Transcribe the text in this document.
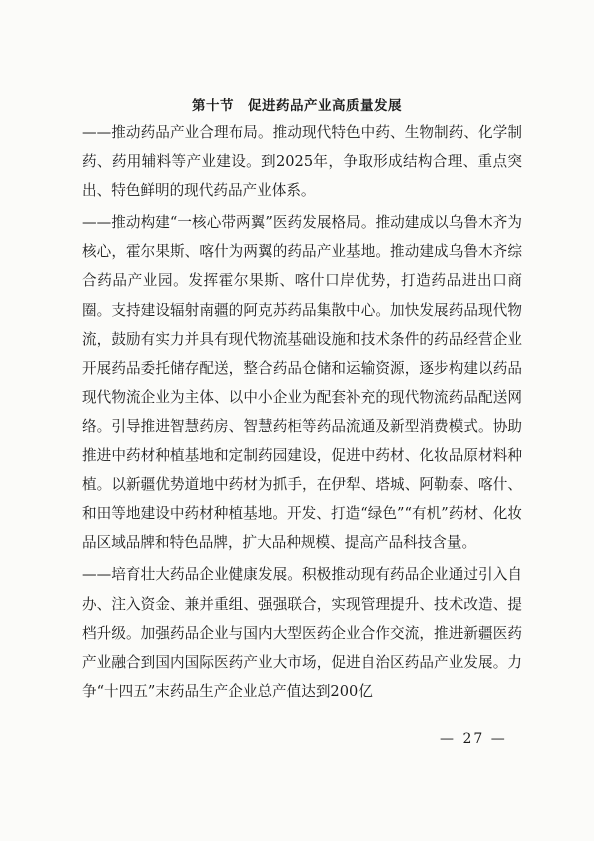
第十节 促进药品产业高质量发展

——推动药品产业合理布局。推动现代特色中药、生物制药、化学制药、药用辅料等产业建设。到2025年，争取形成结构合理、重点突出、特色鲜明的现代药品产业体系。

——推动构建“一核心带两翼”医药发展格局。推动建成以乌鲁木齐为核心，霍尔果斯、喀什为两翼的药品产业基地。推动建成乌鲁木齐综合药品产业园。发挥霍尔果斯、喀什口岸优势，打造药品进出口商圈。支持建设辐射南疆的阿克苏药品集散中心。加快发展药品现代物流，鼓励有实力并具有现代物流基础设施和技术条件的药品经营企业开展药品委托储存配送，整合药品仓储和运输资源，逐步构建以药品现代物流企业为主体、以中小企业为配套补充的现代物流药品配送网络。引导推进智慧药房、智慧药柜等药品流通及新型消费模式。协助推进中药材种植基地和定制药园建设，促进中药材、化妆品原材料种植。以新疆优势道地中药材为抓手，在伊犁、塔城、阿勒泰、喀什、和田等地建设中药材种植基地。开发、打造“绿色”“有机”药材、化妆品区域品牌和特色品牌，扩大品种规模、提高产品科技含量。

——培育壮大药品企业健康发展。积极推动现有药品企业通过引入自办、注入资金、兼并重组、强强联合，实现管理提升、技术改造、提档升级。加强药品企业与国内大型医药企业合作交流，推进新疆医药产业融合到国内国际医药产业大市场，促进自治区药品产业发展。力争“十四五”末药品生产企业总产值达到200亿

— 27 —
